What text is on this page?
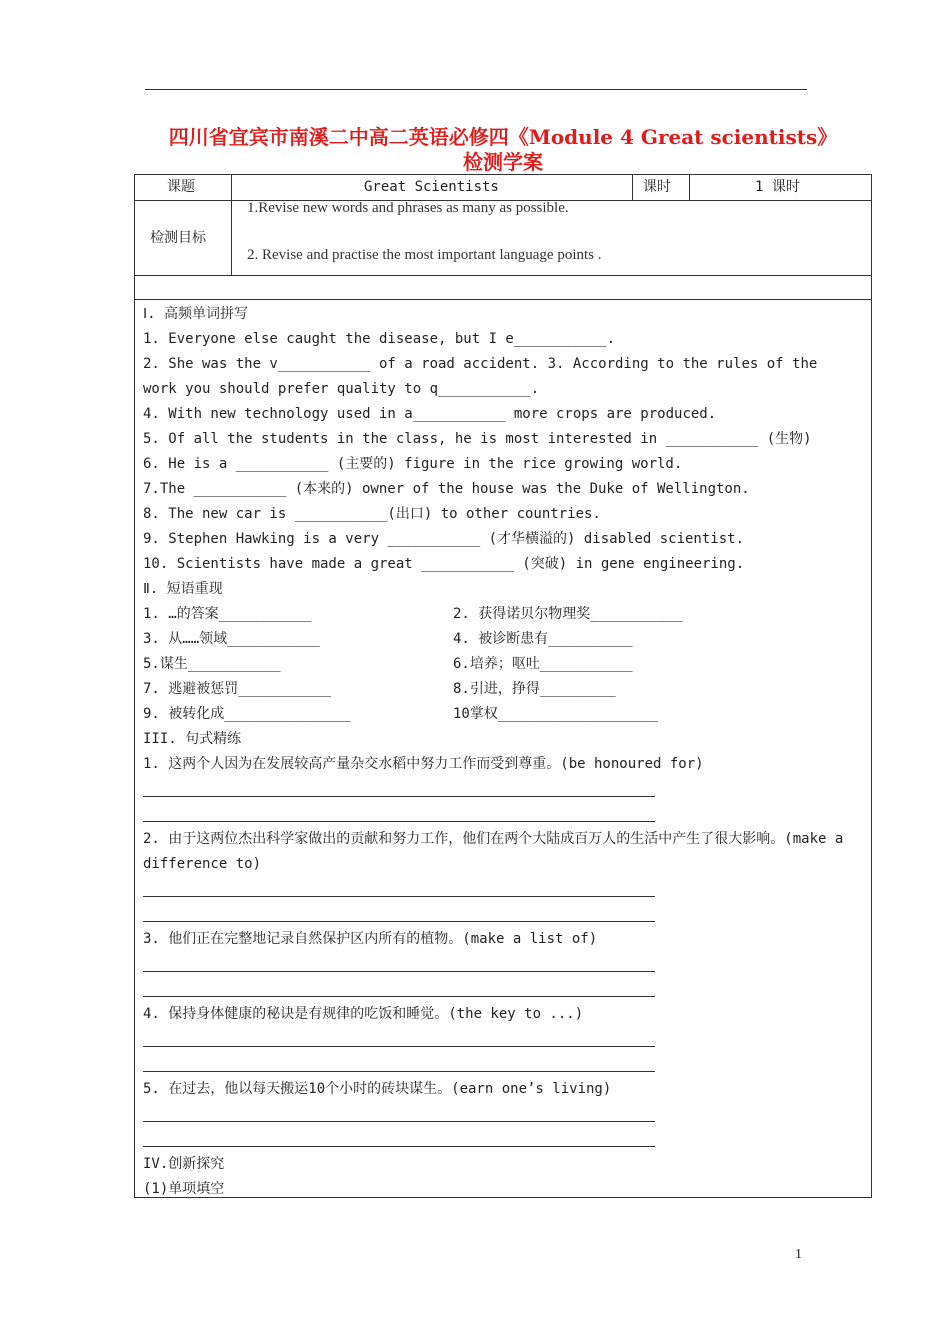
四川省宜宾市南溪二中高二英语必修四《Module 4 Great scientists》
检测学案
课题	Great Scientists	课时	1 课时
检测目标
1.Revise new words and phrases as many as possible.
2. Revise and practise the most important language points .
Ⅰ. 高频单词拼写
1. Everyone else caught the disease, but I e___________.
2. She was the v___________ of a road accident. 3. According to the rules of the
work you should prefer quality to q___________.
4. With new technology used in a___________ more crops are produced.
5. Of all the students in the class, he is most interested in ___________ (生物)
6. He is a ___________ (主要的) figure in the rice growing world.
7.The ___________ (本来的) owner of the house was the Duke of Wellington.
8. The new car is ___________(出口) to other countries.
9. Stephen Hawking is a very ___________ (才华横溢的) disabled scientist.
10. Scientists have made a great ___________ (突破) in gene engineering.
Ⅱ. 短语重现
1. …的答案___________	2. 获得诺贝尔物理奖___________
3. 从……领域___________	4. 被诊断患有__________
5.谋生___________	6.培养；呕吐___________
7. 逃避被惩罚___________	8.引进，挣得_________
9. 被转化成_______________	10掌权___________________
III. 句式精练
1. 这两个人因为在发展较高产量杂交水稻中努力工作而受到尊重。(be honoured for)
2. 由于这两位杰出科学家做出的贡献和努力工作，他们在两个大陆成百万人的生活中产生了很大影响。(make a difference to)
3. 他们正在完整地记录自然保护区内所有的植物。(make a list of)
4. 保持身体健康的秘诀是有规律的吃饭和睡觉。(the key to ...)
5. 在过去，他以每天搬运10个小时的砖块谋生。(earn one’s living)
IV.创新探究
(1)单项填空
1
